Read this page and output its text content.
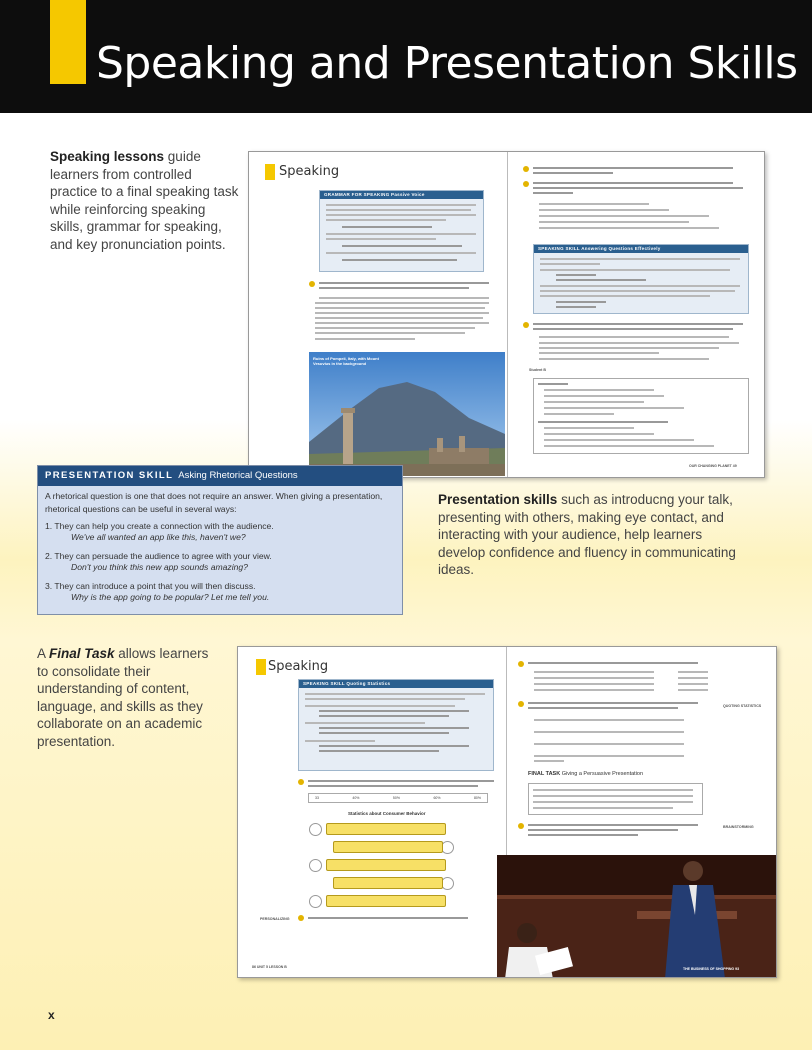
Speaking and Presentation Skills
Speaking lessons guide learners from controlled practice to a final speaking task while reinforcing speaking skills, grammar for speaking, and key pronunciation points.
Speaking
GRAMMAR FOR SPEAKING Passive Voice
Ruins of Pompeii, Italy, with Mount Vesuvius in the background
SPEAKING SKILL Answering Questions Effectively
Student B
OUR CHANGING PLANET 49
PRESENTATION SKILL Asking Rhetorical Questions
A rhetorical question is one that does not require an answer. When giving a presentation, rhetorical questions can be useful in several ways:
1. They can help you create a connection with the audience.
We've all wanted an app like this, haven't we?
2. They can persuade the audience to agree with your view.
Don't you think this new app sounds amazing?
3. They can introduce a point that you will then discuss.
Why is the app going to be popular? Let me tell you.
Presentation skills such as introducng your talk, presenting with others, making eye contact, and interacting with your audience, help learners develop confidence and fluency in communicating ideas.
A Final Task allows learners to consolidate their understanding of content, language, and skills as they collaborate on an academic presentation.
Speaking
SPEAKING SKILL Quoting Statistics
33	40%	50%	60%	80%
Statistics about Consumer Behavior
PERSONALIZING
86 UNIT 5 LESSON B
QUOTING STATISTICS
FINAL TASK Giving a Persuasive Presentation
BRAINSTORMING
THE BUSINESS OF SHOPPING 93
x
